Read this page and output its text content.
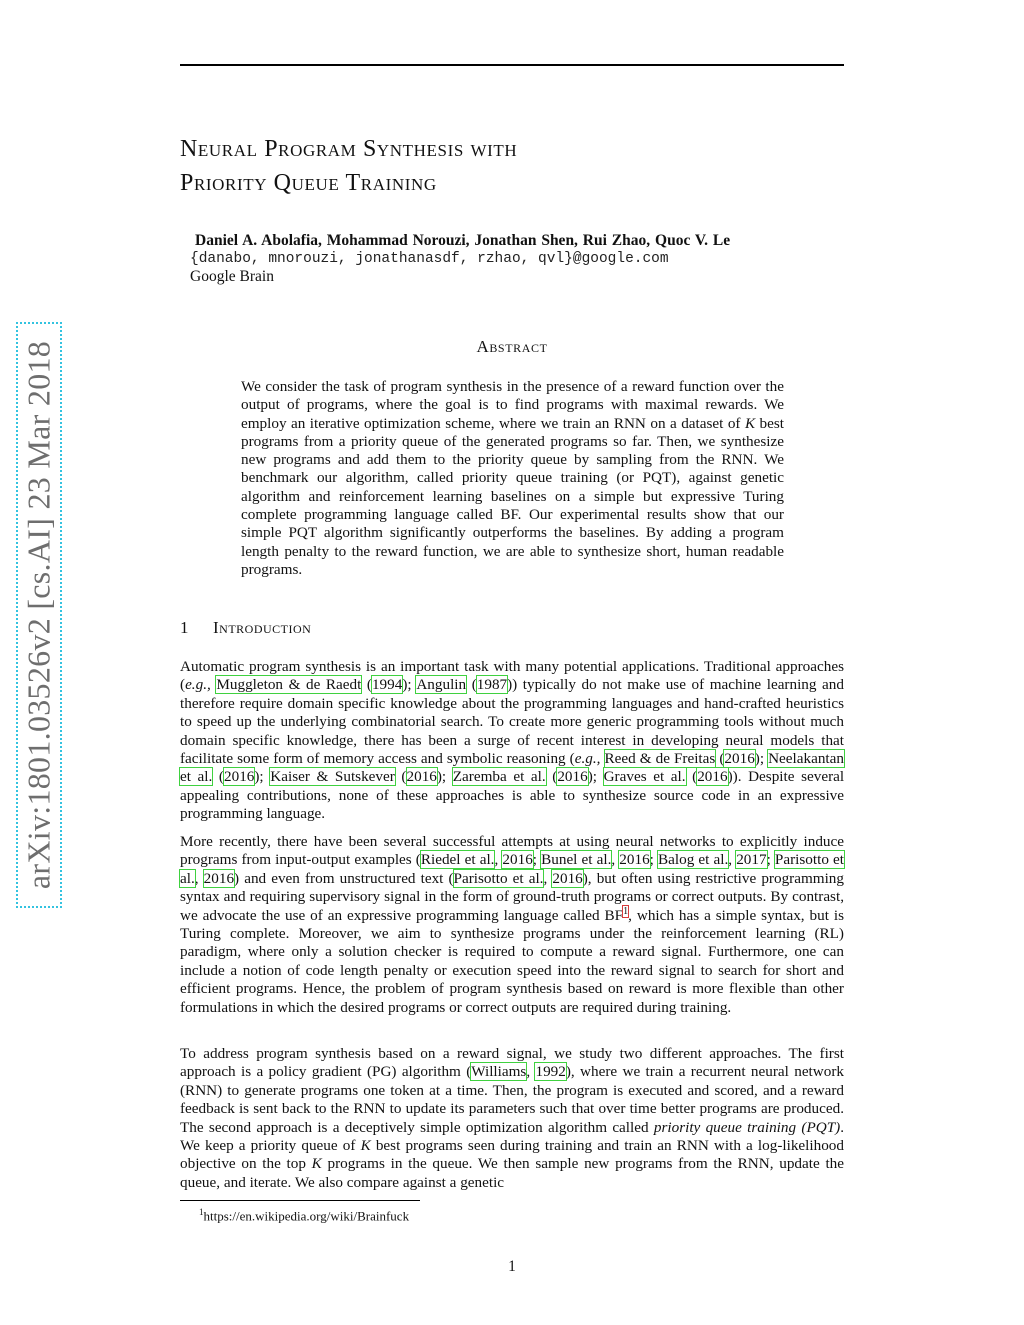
arXiv:1801.03526v2 [cs.AI] 23 Mar 2018
Neural Program Synthesis with
Priority Queue Training
Daniel A. Abolafia, Mohammad Norouzi, Jonathan Shen, Rui Zhao, Quoc V. Le
{danabo, mnorouzi, jonathanasdf, rzhao, qvl}@google.com
Google Brain
Abstract
We consider the task of program synthesis in the presence of a reward function over the output of programs, where the goal is to find programs with maximal rewards. We employ an iterative optimization scheme, where we train an RNN on a dataset of K best programs from a priority queue of the generated programs so far. Then, we synthesize new programs and add them to the priority queue by sampling from the RNN. We benchmark our algorithm, called priority queue training (or PQT), against genetic algorithm and reinforcement learning baselines on a simple but expressive Turing complete programming language called BF. Our experimental results show that our simple PQT algorithm significantly outperforms the baselines. By adding a program length penalty to the reward function, we are able to synthesize short, human readable programs.
1 Introduction

Automatic program synthesis is an important task with many potential applications. Traditional approaches (e.g., Muggleton & de Raedt (1994); Angulin (1987)) typically do not make use of machine learning and therefore require domain specific knowledge about the programming languages and hand-crafted heuristics to speed up the underlying combinatorial search. To create more generic programming tools without much domain specific knowledge, there has been a surge of recent interest in developing neural models that facilitate some form of memory access and symbolic reasoning (e.g., Reed & de Freitas (2016); Neelakantan et al. (2016); Kaiser & Sutskever (2016); Zaremba et al. (2016); Graves et al. (2016)). Despite several appealing contributions, none of these approaches is able to synthesize source code in an expressive programming language.

More recently, there have been several successful attempts at using neural networks to explicitly induce programs from input-output examples (Riedel et al., 2016; Bunel et al., 2016; Balog et al., 2017; Parisotto et al., 2016) and even from unstructured text (Parisotto et al., 2016), but often using restrictive programming syntax and requiring supervisory signal in the form of ground-truth programs or correct outputs. By contrast, we advocate the use of an expressive programming language called BF$^1$, which has a simple syntax, but is Turing complete. Moreover, we aim to synthesize programs under the reinforcement learning (RL) paradigm, where only a solution checker is required to compute a reward signal. Furthermore, one can include a notion of code length penalty or execution speed into the reward signal to search for short and efficient programs. Hence, the problem of program synthesis based on reward is more flexible than other formulations in which the desired programs or correct outputs are required during training.

To address program synthesis based on a reward signal, we study two different approaches. The first approach is a policy gradient (PG) algorithm (Williams, 1992), where we train a recurrent neural network (RNN) to generate programs one token at a time. Then, the program is executed and scored, and a reward feedback is sent back to the RNN to update its parameters such that over time better programs are produced. The second approach is a deceptively simple optimization algorithm called priority queue training (PQT). We keep a priority queue of K best programs seen during training and train an RNN with a log-likelihood objective on the top K programs in the queue. We then sample new programs from the RNN, update the queue, and iterate. We also compare against a genetic

$^1$https://en.wikipedia.org/wiki/Brainfuck
1
